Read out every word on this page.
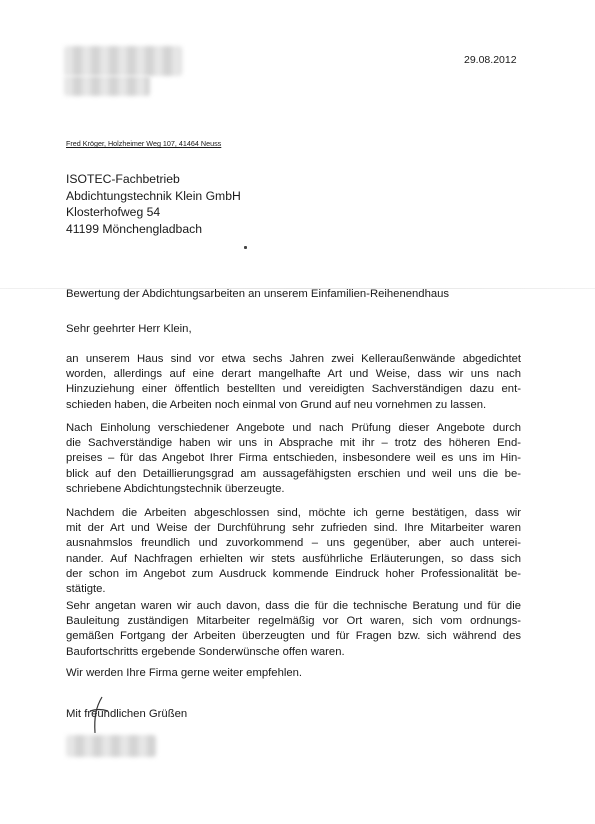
29.08.2012
Fred Kröger, Holzheimer Weg 107, 41464 Neuss
ISOTEC-Fachbetrieb
Abdichtungstechnik Klein GmbH
Klosterhofweg 54
41199 Mönchengladbach
Bewertung der Abdichtungsarbeiten an unserem Einfamilien-Reihenendhaus
Sehr geehrter Herr Klein,
an unserem Haus sind vor etwa sechs Jahren zwei Kelleraußenwände abgedichtet
worden, allerdings auf eine derart mangelhafte Art und Weise, dass wir uns nach
Hinzuziehung einer öffentlich bestellten und vereidigten Sachverständigen dazu ent-
schieden haben, die Arbeiten noch einmal von Grund auf neu vornehmen zu lassen.
Nach Einholung verschiedener Angebote und nach Prüfung dieser Angebote durch
die Sachverständige haben wir uns in Absprache mit ihr – trotz des höheren End-
preises – für das Angebot Ihrer Firma entschieden, insbesondere weil es uns im Hin-
blick auf den Detaillierungsgrad am aussagefähigsten erschien und weil uns die be-
schriebene Abdichtungstechnik überzeugte.
Nachdem die Arbeiten abgeschlossen sind, möchte ich gerne bestätigen, dass wir
mit der Art und Weise der Durchführung sehr zufrieden sind. Ihre Mitarbeiter waren
ausnahmslos freundlich und zuvorkommend – uns gegenüber, aber auch unterei-
nander. Auf Nachfragen erhielten wir stets ausführliche Erläuterungen, so dass sich
der schon im Angebot zum Ausdruck kommende Eindruck hoher Professionalität be-
stätigte.
Sehr angetan waren wir auch davon, dass die für die technische Beratung und für die
Bauleitung zuständigen Mitarbeiter regelmäßig vor Ort waren, sich vom ordnungs-
gemäßen Fortgang der Arbeiten überzeugten und für Fragen bzw. sich während des
Baufortschritts ergebende Sonderwünsche offen waren.
Wir werden Ihre Firma gerne weiter empfehlen.
Mit freundlichen Grüßen
